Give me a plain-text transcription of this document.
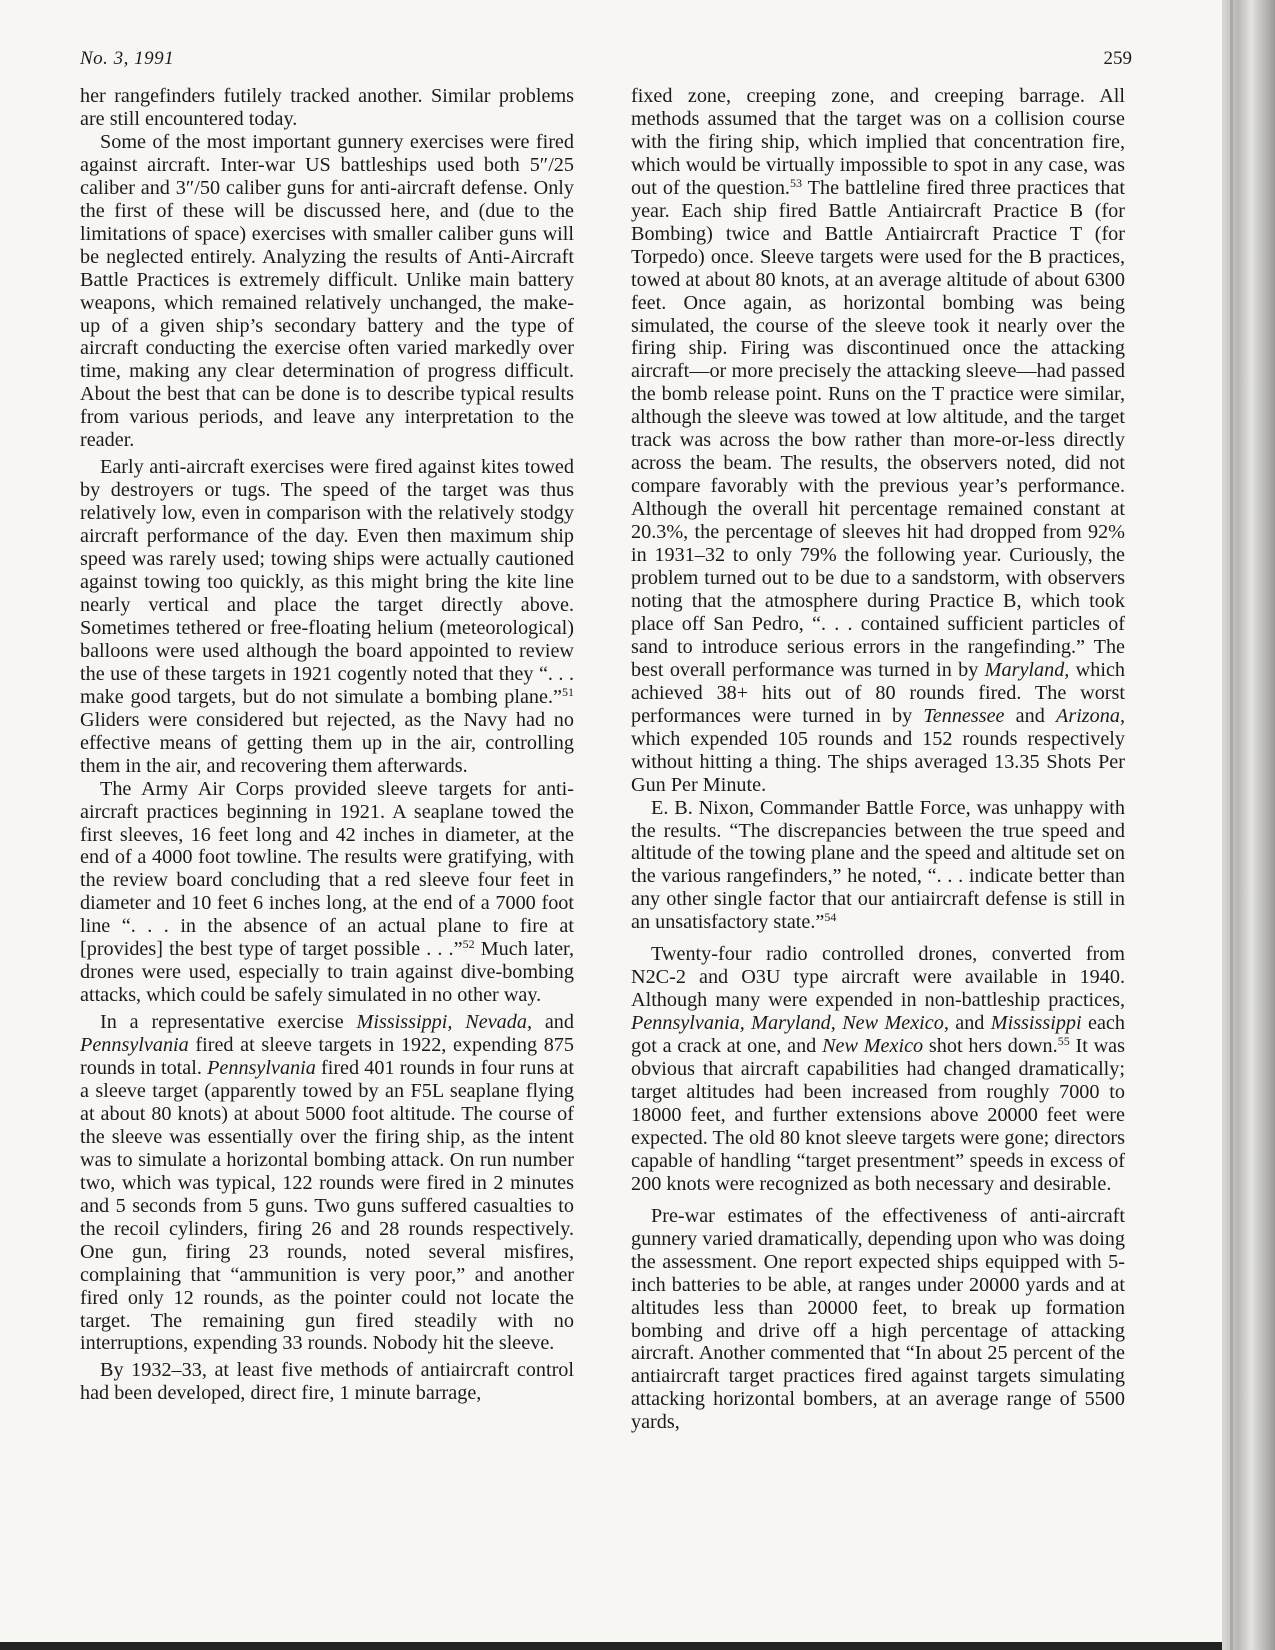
No. 3, 1991	259

her rangefinders futilely tracked another. Similar problems are still encountered today.

Some of the most important gunnery exercises were fired against aircraft. Inter-war US battleships used both 5″/25 caliber and 3″/50 caliber guns for anti-aircraft defense. Only the first of these will be discussed here, and (due to the limitations of space) exercises with smaller caliber guns will be neglected entirely. Analyzing the results of Anti-Aircraft Battle Practices is extremely difficult. Unlike main battery weapons, which remained relatively unchanged, the make-up of a given ship’s secondary battery and the type of aircraft conducting the exercise often varied markedly over time, making any clear determination of progress difficult. About the best that can be done is to describe typical results from various periods, and leave any interpretation to the reader.

Early anti-aircraft exercises were fired against kites towed by destroyers or tugs. The speed of the target was thus relatively low, even in comparison with the relatively stodgy aircraft performance of the day. Even then maximum ship speed was rarely used; towing ships were actually cautioned against towing too quickly, as this might bring the kite line nearly vertical and place the target directly above. Sometimes tethered or free-floating helium (meteorological) balloons were used although the board appointed to review the use of these targets in 1921 cogently noted that they “. . . make good targets, but do not simulate a bombing plane.”$^{51}$ Gliders were considered but rejected, as the Navy had no effective means of getting them up in the air, controlling them in the air, and recovering them afterwards.

The Army Air Corps provided sleeve targets for antiaircraft practices beginning in 1921. A seaplane towed the first sleeves, 16 feet long and 42 inches in diameter, at the end of a 4000 foot towline. The results were gratifying, with the review board concluding that a red sleeve four feet in diameter and 10 feet 6 inches long, at the end of a 7000 foot line “. . . in the absence of an actual plane to fire at [provides] the best type of target possible . . .”$^{52}$ Much later, drones were used, especially to train against dive-bombing attacks, which could be safely simulated in no other way.

In a representative exercise Mississippi, Nevada, and Pennsylvania fired at sleeve targets in 1922, expending 875 rounds in total. Pennsylvania fired 401 rounds in four runs at a sleeve target (apparently towed by an F5L seaplane flying at about 80 knots) at about 5000 foot altitude. The course of the sleeve was essentially over the firing ship, as the intent was to simulate a horizontal bombing attack. On run number two, which was typical, 122 rounds were fired in 2 minutes and 5 seconds from 5 guns. Two guns suffered casualties to the recoil cylinders, firing 26 and 28 rounds respectively. One gun, firing 23 rounds, noted several misfires, complaining that “ammunition is very poor,” and another fired only 12 rounds, as the pointer could not locate the target. The remaining gun fired steadily with no interruptions, expending 33 rounds. Nobody hit the sleeve.

By 1932–33, at least five methods of antiaircraft control had been developed, direct fire, 1 minute barrage,

fixed zone, creeping zone, and creeping barrage. All methods assumed that the target was on a collision course with the firing ship, which implied that concentration fire, which would be virtually impossible to spot in any case, was out of the question.$^{53}$ The battleline fired three practices that year. Each ship fired Battle Antiaircraft Practice B (for Bombing) twice and Battle Antiaircraft Practice T (for Torpedo) once. Sleeve targets were used for the B practices, towed at about 80 knots, at an average altitude of about 6300 feet. Once again, as horizontal bombing was being simulated, the course of the sleeve took it nearly over the firing ship. Firing was discontinued once the attacking aircraft—or more precisely the attacking sleeve—had passed the bomb release point. Runs on the T practice were similar, although the sleeve was towed at low altitude, and the target track was across the bow rather than more-or-less directly across the beam. The results, the observers noted, did not compare favorably with the previous year’s performance. Although the overall hit percentage remained constant at 20.3%, the percentage of sleeves hit had dropped from 92% in 1931–32 to only 79% the following year. Curiously, the problem turned out to be due to a sandstorm, with observers noting that the atmosphere during Practice B, which took place off San Pedro, “. . . contained sufficient particles of sand to introduce serious errors in the rangefinding.” The best overall performance was turned in by Maryland, which achieved 38+ hits out of 80 rounds fired. The worst performances were turned in by Tennessee and Arizona, which expended 105 rounds and 152 rounds respectively without hitting a thing. The ships averaged 13.35 Shots Per Gun Per Minute.

E. B. Nixon, Commander Battle Force, was unhappy with the results. “The discrepancies between the true speed and altitude of the towing plane and the speed and altitude set on the various rangefinders,” he noted, “. . . indicate better than any other single factor that our antiaircraft defense is still in an unsatisfactory state.”$^{54}$

Twenty-four radio controlled drones, converted from N2C-2 and O3U type aircraft were available in 1940. Although many were expended in non-battleship practices, Pennsylvania, Maryland, New Mexico, and Mississippi each got a crack at one, and New Mexico shot hers down.$^{55}$ It was obvious that aircraft capabilities had changed dramatically; target altitudes had been increased from roughly 7000 to 18000 feet, and further extensions above 20000 feet were expected. The old 80 knot sleeve targets were gone; directors capable of handling “target presentment” speeds in excess of 200 knots were recognized as both necessary and desirable.

Pre-war estimates of the effectiveness of anti-aircraft gunnery varied dramatically, depending upon who was doing the assessment. One report expected ships equipped with 5-inch batteries to be able, at ranges under 20000 yards and at altitudes less than 20000 feet, to break up formation bombing and drive off a high percentage of attacking aircraft. Another commented that “In about 25 percent of the antiaircraft target practices fired against targets simulating attacking horizontal bombers, at an average range of 5500 yards,
